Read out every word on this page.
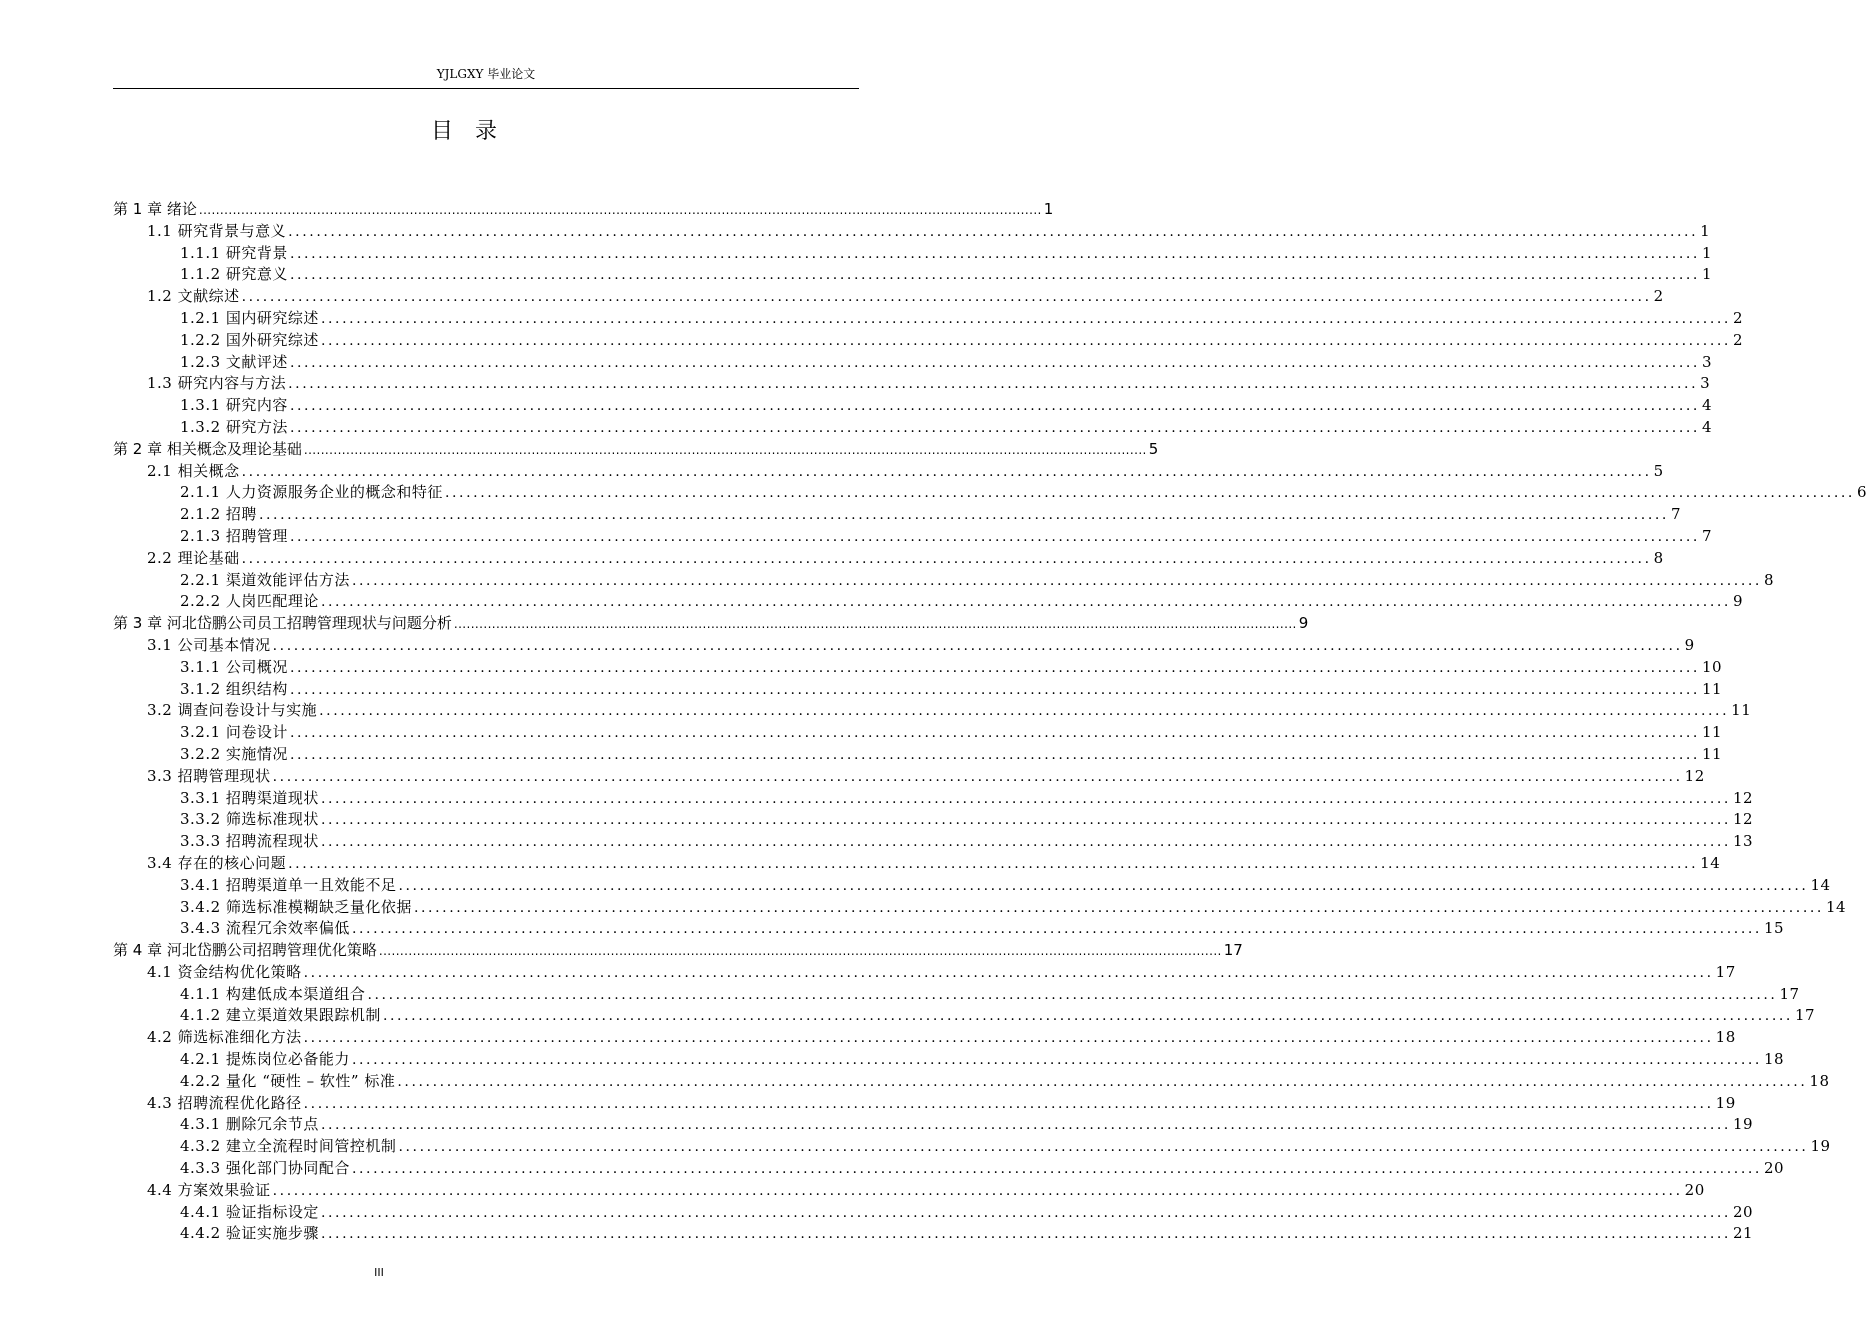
YJLGXY 毕业论文
目录
第 1 章 绪论 ........................................................................................................................................................................................................ 1
1.1 研究背景与意义 ........................................................................................................................................................................................................ 1
1.1.1 研究背景 ........................................................................................................................................................................................................ 1
1.1.2 研究意义 ........................................................................................................................................................................................................ 1
1.2 文献综述 ........................................................................................................................................................................................................ 2
1.2.1 国内研究综述 ........................................................................................................................................................................................................ 2
1.2.2 国外研究综述 ........................................................................................................................................................................................................ 2
1.2.3 文献评述 ........................................................................................................................................................................................................ 3
1.3 研究内容与方法 ........................................................................................................................................................................................................ 3
1.3.1 研究内容 ........................................................................................................................................................................................................ 4
1.3.2 研究方法 ........................................................................................................................................................................................................ 4
第 2 章 相关概念及理论基础 ........................................................................................................................................................................................................ 5
2.1 相关概念 ........................................................................................................................................................................................................ 5
2.1.1 人力资源服务企业的概念和特征 ........................................................................................................................................................................................................ 6
2.1.2 招聘 ........................................................................................................................................................................................................ 7
2.1.3 招聘管理 ........................................................................................................................................................................................................ 7
2.2 理论基础 ........................................................................................................................................................................................................ 8
2.2.1 渠道效能评估方法 ........................................................................................................................................................................................................ 8
2.2.2 人岗匹配理论 ........................................................................................................................................................................................................ 9
第 3 章 河北岱鹏公司员工招聘管理现状与问题分析 ........................................................................................................................................................................................................ 9
3.1 公司基本情况 ........................................................................................................................................................................................................ 9
3.1.1 公司概况 ........................................................................................................................................................................................................ 10
3.1.2 组织结构 ........................................................................................................................................................................................................ 11
3.2 调查问卷设计与实施 ........................................................................................................................................................................................................ 11
3.2.1 问卷设计 ........................................................................................................................................................................................................ 11
3.2.2 实施情况 ........................................................................................................................................................................................................ 11
3.3 招聘管理现状 ........................................................................................................................................................................................................ 12
3.3.1 招聘渠道现状 ........................................................................................................................................................................................................ 12
3.3.2 筛选标准现状 ........................................................................................................................................................................................................ 12
3.3.3 招聘流程现状 ........................................................................................................................................................................................................ 13
3.4 存在的核心问题 ........................................................................................................................................................................................................ 14
3.4.1 招聘渠道单一且效能不足 ........................................................................................................................................................................................................ 14
3.4.2 筛选标准模糊缺乏量化依据 ........................................................................................................................................................................................................ 14
3.4.3 流程冗余效率偏低 ........................................................................................................................................................................................................ 15
第 4 章 河北岱鹏公司招聘管理优化策略 ........................................................................................................................................................................................................ 17
4.1 资金结构优化策略 ........................................................................................................................................................................................................ 17
4.1.1 构建低成本渠道组合 ........................................................................................................................................................................................................ 17
4.1.2 建立渠道效果跟踪机制 ........................................................................................................................................................................................................ 17
4.2 筛选标准细化方法 ........................................................................................................................................................................................................ 18
4.2.1 提炼岗位必备能力 ........................................................................................................................................................................................................ 18
4.2.2 量化 “硬性 – 软性” 标准 ........................................................................................................................................................................................................ 18
4.3 招聘流程优化路径 ........................................................................................................................................................................................................ 19
4.3.1 删除冗余节点 ........................................................................................................................................................................................................ 19
4.3.2 建立全流程时间管控机制 ........................................................................................................................................................................................................ 19
4.3.3 强化部门协同配合 ........................................................................................................................................................................................................ 20
4.4 方案效果验证 ........................................................................................................................................................................................................ 20
4.4.1 验证指标设定 ........................................................................................................................................................................................................ 20
4.4.2 验证实施步骤 ........................................................................................................................................................................................................ 21
III
